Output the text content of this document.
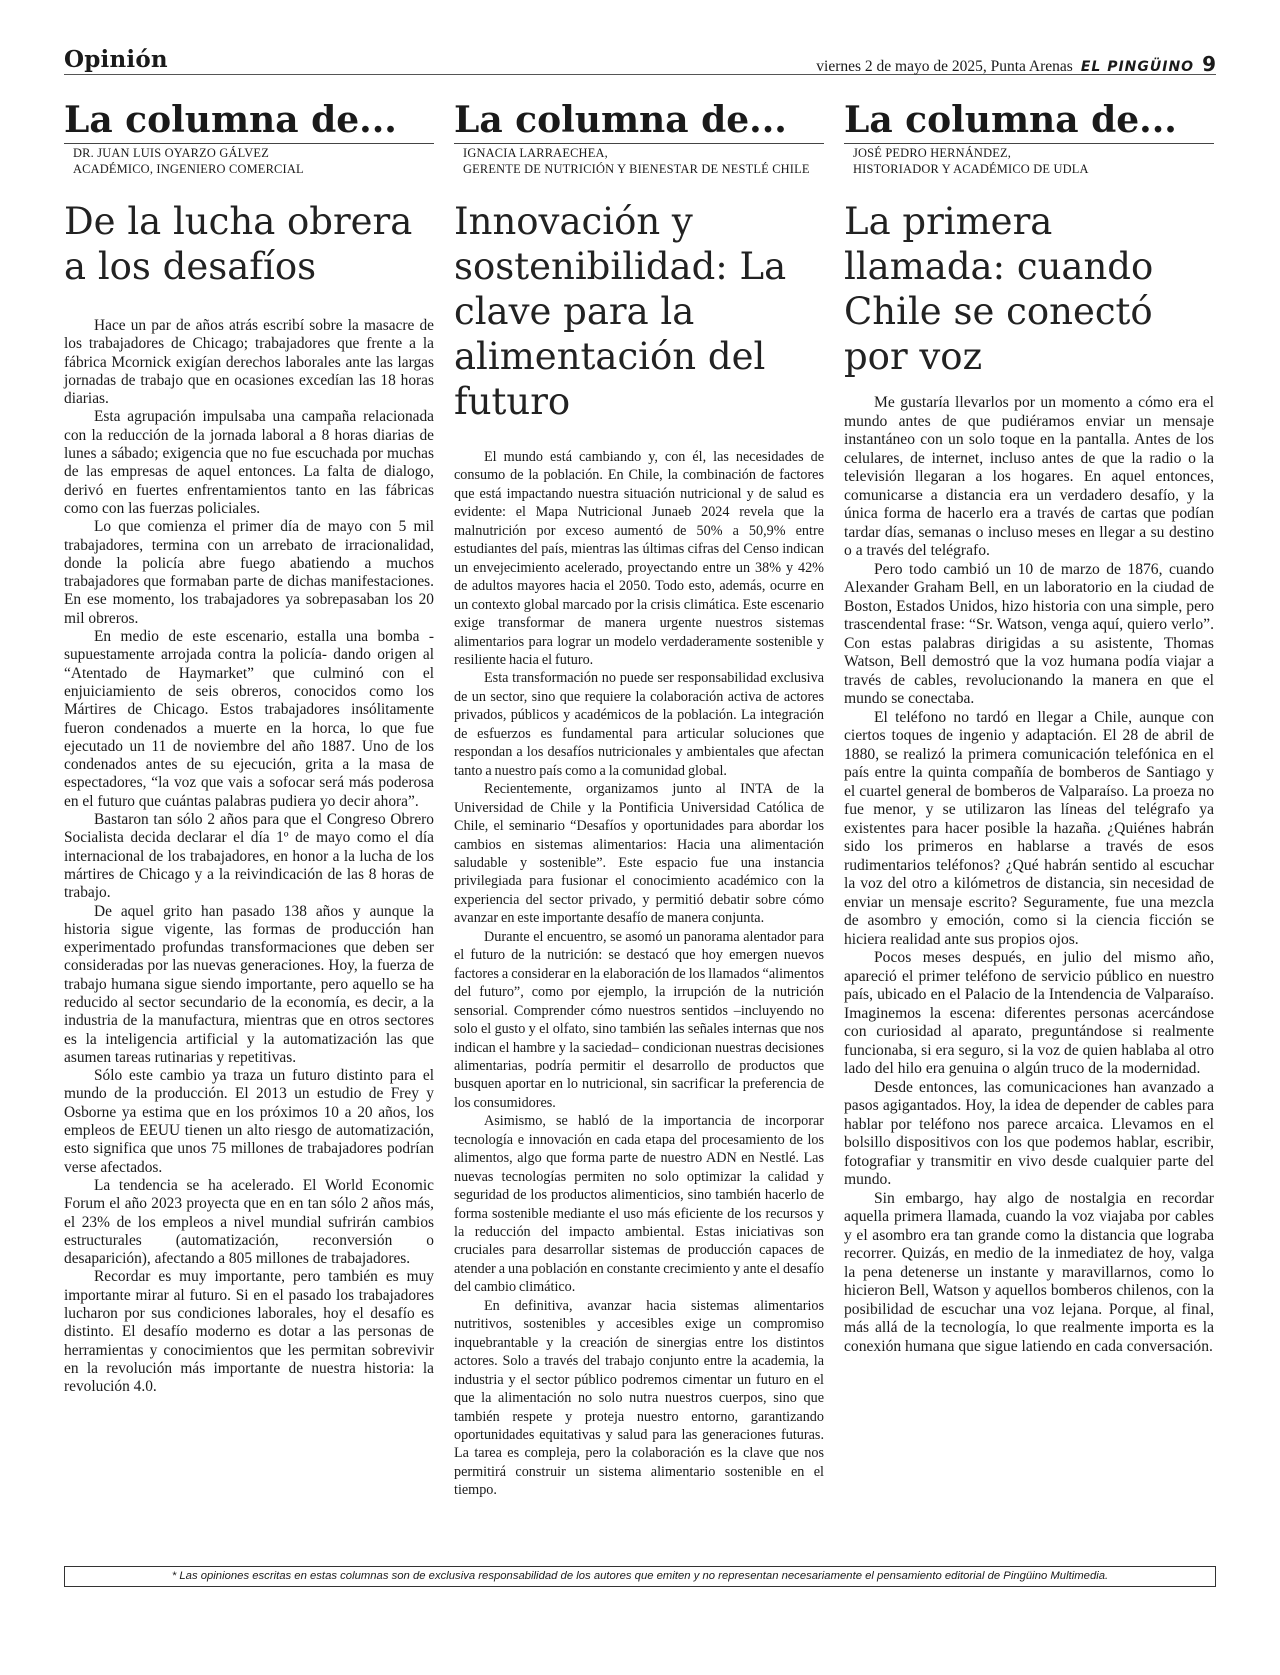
Opinión	viernes 2 de mayo de 2025, Punta Arenas EL PINGÜINO 9
La columna de...
DR. JUAN LUIS OYARZO GÁLVEZ
ACADÉMICO, INGENIERO COMERCIAL
De la lucha obrera a los desafíos

Hace un par de años atrás escribí sobre la masacre de los trabajadores de Chicago; trabajadores que frente a la fábrica Mcornick exigían derechos laborales ante las largas jornadas de trabajo que en ocasiones excedían las 18 horas diarias.

Esta agrupación impulsaba una campaña relacionada con la reducción de la jornada laboral a 8 horas diarias de lunes a sábado; exigencia que no fue escuchada por muchas de las empresas de aquel entonces. La falta de dialogo, derivó en fuertes enfrentamientos tanto en las fábricas como con las fuerzas policiales.

Lo que comienza el primer día de mayo con 5 mil trabajadores, termina con un arrebato de irracionalidad, donde la policía abre fuego abatiendo a muchos trabajadores que formaban parte de dichas manifestaciones. En ese momento, los trabajadores ya sobrepasaban los 20 mil obreros.

En medio de este escenario, estalla una bomba -supuestamente arrojada contra la policía- dando origen al “Atentado de Haymarket” que culminó con el enjuiciamiento de seis obreros, conocidos como los Mártires de Chicago. Estos trabajadores insólitamente fueron condenados a muerte en la horca, lo que fue ejecutado un 11 de noviembre del año 1887. Uno de los condenados antes de su ejecución, grita a la masa de espectadores, “la voz que vais a sofocar será más poderosa en el futuro que cuántas palabras pudiera yo decir ahora”.

Bastaron tan sólo 2 años para que el Congreso Obrero Socialista decida declarar el día 1º de mayo como el día internacional de los trabajadores, en honor a la lucha de los mártires de Chicago y a la reivindicación de las 8 horas de trabajo.

De aquel grito han pasado 138 años y aunque la historia sigue vigente, las formas de producción han experimentado profundas transformaciones que deben ser consideradas por las nuevas generaciones. Hoy, la fuerza de trabajo humana sigue siendo importante, pero aquello se ha reducido al sector secundario de la economía, es decir, a la industria de la manufactura, mientras que en otros sectores es la inteligencia artificial y la automatización las que asumen tareas rutinarias y repetitivas.

Sólo este cambio ya traza un futuro distinto para el mundo de la producción. El 2013 un estudio de Frey y Osborne ya estima que en los próximos 10 a 20 años, los empleos de EEUU tienen un alto riesgo de automatización, esto significa que unos 75 millones de trabajadores podrían verse afectados.

La tendencia se ha acelerado. El World Economic Forum el año 2023 proyecta que en en tan sólo 2 años más, el 23% de los empleos a nivel mundial sufrirán cambios estructurales (automatización, reconversión o desaparición), afectando a 805 millones de trabajadores.

Recordar es muy importante, pero también es muy importante mirar al futuro. Si en el pasado los trabajadores lucharon por sus condiciones laborales, hoy el desafío es distinto. El desafío moderno es dotar a las personas de herramientas y conocimientos que les permitan sobrevivir en la revolución más importante de nuestra historia: la revolución 4.0.

La columna de...
IGNACIA LARRAECHEA,
GERENTE DE NUTRICIÓN Y BIENESTAR DE NESTLÉ CHILE
Innovación y sostenibilidad: La clave para la alimentación del futuro

El mundo está cambiando y, con él, las necesidades de consumo de la población. En Chile, la combinación de factores que está impactando nuestra situación nutricional y de salud es evidente: el Mapa Nutricional Junaeb 2024 revela que la malnutrición por exceso aumentó de 50% a 50,9% entre estudiantes del país, mientras las últimas cifras del Censo indican un envejecimiento acelerado, proyectando entre un 38% y 42% de adultos mayores hacia el 2050. Todo esto, además, ocurre en un contexto global marcado por la crisis climática. Este escenario exige transformar de manera urgente nuestros sistemas alimentarios para lograr un modelo verdaderamente sostenible y resiliente hacia el futuro.

Esta transformación no puede ser responsabilidad exclusiva de un sector, sino que requiere la colaboración activa de actores privados, públicos y académicos de la población. La integración de esfuerzos es fundamental para articular soluciones que respondan a los desafíos nutricionales y ambientales que afectan tanto a nuestro país como a la comunidad global.

Recientemente, organizamos junto al INTA de la Universidad de Chile y la Pontificia Universidad Católica de Chile, el seminario “Desafíos y oportunidades para abordar los cambios en sistemas alimentarios: Hacia una alimentación saludable y sostenible”. Este espacio fue una instancia privilegiada para fusionar el conocimiento académico con la experiencia del sector privado, y permitió debatir sobre cómo avanzar en este importante desafío de manera conjunta.

Durante el encuentro, se asomó un panorama alentador para el futuro de la nutrición: se destacó que hoy emergen nuevos factores a considerar en la elaboración de los llamados “alimentos del futuro”, como por ejemplo, la irrupción de la nutrición sensorial. Comprender cómo nuestros sentidos –incluyendo no solo el gusto y el olfato, sino también las señales internas que nos indican el hambre y la saciedad– condicionan nuestras decisiones alimentarias, podría permitir el desarrollo de productos que busquen aportar en lo nutricional, sin sacrificar la preferencia de los consumidores.

Asimismo, se habló de la importancia de incorporar tecnología e innovación en cada etapa del procesamiento de los alimentos, algo que forma parte de nuestro ADN en Nestlé. Las nuevas tecnologías permiten no solo optimizar la calidad y seguridad de los productos alimenticios, sino también hacerlo de forma sostenible mediante el uso más eficiente de los recursos y la reducción del impacto ambiental. Estas iniciativas son cruciales para desarrollar sistemas de producción capaces de atender a una población en constante crecimiento y ante el desafío del cambio climático.

En definitiva, avanzar hacia sistemas alimentarios nutritivos, sostenibles y accesibles exige un compromiso inquebrantable y la creación de sinergias entre los distintos actores. Solo a través del trabajo conjunto entre la academia, la industria y el sector público podremos cimentar un futuro en el que la alimentación no solo nutra nuestros cuerpos, sino que también respete y proteja nuestro entorno, garantizando oportunidades equitativas y salud para las generaciones futuras. La tarea es compleja, pero la colaboración es la clave que nos permitirá construir un sistema alimentario sostenible en el tiempo.

La columna de...
JOSÉ PEDRO HERNÁNDEZ,
HISTORIADOR Y ACADÉMICO DE UDLA
La primera llamada: cuando Chile se conectó por voz

Me gustaría llevarlos por un momento a cómo era el mundo antes de que pudiéramos enviar un mensaje instantáneo con un solo toque en la pantalla. Antes de los celulares, de internet, incluso antes de que la radio o la televisión llegaran a los hogares. En aquel entonces, comunicarse a distancia era un verdadero desafío, y la única forma de hacerlo era a través de cartas que podían tardar días, semanas o incluso meses en llegar a su destino o a través del telégrafo.

Pero todo cambió un 10 de marzo de 1876, cuando Alexander Graham Bell, en un laboratorio en la ciudad de Boston, Estados Unidos, hizo historia con una simple, pero trascendental frase: “Sr. Watson, venga aquí, quiero verlo”. Con estas palabras dirigidas a su asistente, Thomas Watson, Bell demostró que la voz humana podía viajar a través de cables, revolucionando la manera en que el mundo se conectaba.

El teléfono no tardó en llegar a Chile, aunque con ciertos toques de ingenio y adaptación. El 28 de abril de 1880, se realizó la primera comunicación telefónica en el país entre la quinta compañía de bomberos de Santiago y el cuartel general de bomberos de Valparaíso. La proeza no fue menor, y se utilizaron las líneas del telégrafo ya existentes para hacer posible la hazaña. ¿Quiénes habrán sido los primeros en hablarse a través de esos rudimentarios teléfonos? ¿Qué habrán sentido al escuchar la voz del otro a kilómetros de distancia, sin necesidad de enviar un mensaje escrito? Seguramente, fue una mezcla de asombro y emoción, como si la ciencia ficción se hiciera realidad ante sus propios ojos.

Pocos meses después, en julio del mismo año, apareció el primer teléfono de servicio público en nuestro país, ubicado en el Palacio de la Intendencia de Valparaíso. Imaginemos la escena: diferentes personas acercándose con curiosidad al aparato, preguntándose si realmente funcionaba, si era seguro, si la voz de quien hablaba al otro lado del hilo era genuina o algún truco de la modernidad.

Desde entonces, las comunicaciones han avanzado a pasos agigantados. Hoy, la idea de depender de cables para hablar por teléfono nos parece arcaica. Llevamos en el bolsillo dispositivos con los que podemos hablar, escribir, fotografiar y transmitir en vivo desde cualquier parte del mundo.

Sin embargo, hay algo de nostalgia en recordar aquella primera llamada, cuando la voz viajaba por cables y el asombro era tan grande como la distancia que lograba recorrer. Quizás, en medio de la inmediatez de hoy, valga la pena detenerse un instante y maravillarnos, como lo hicieron Bell, Watson y aquellos bomberos chilenos, con la posibilidad de escuchar una voz lejana. Porque, al final, más allá de la tecnología, lo que realmente importa es la conexión humana que sigue latiendo en cada conversación.

* Las opiniones escritas en estas columnas son de exclusiva responsabilidad de los autores que emiten y no representan necesariamente el pensamiento editorial de Pingüino Multimedia.
